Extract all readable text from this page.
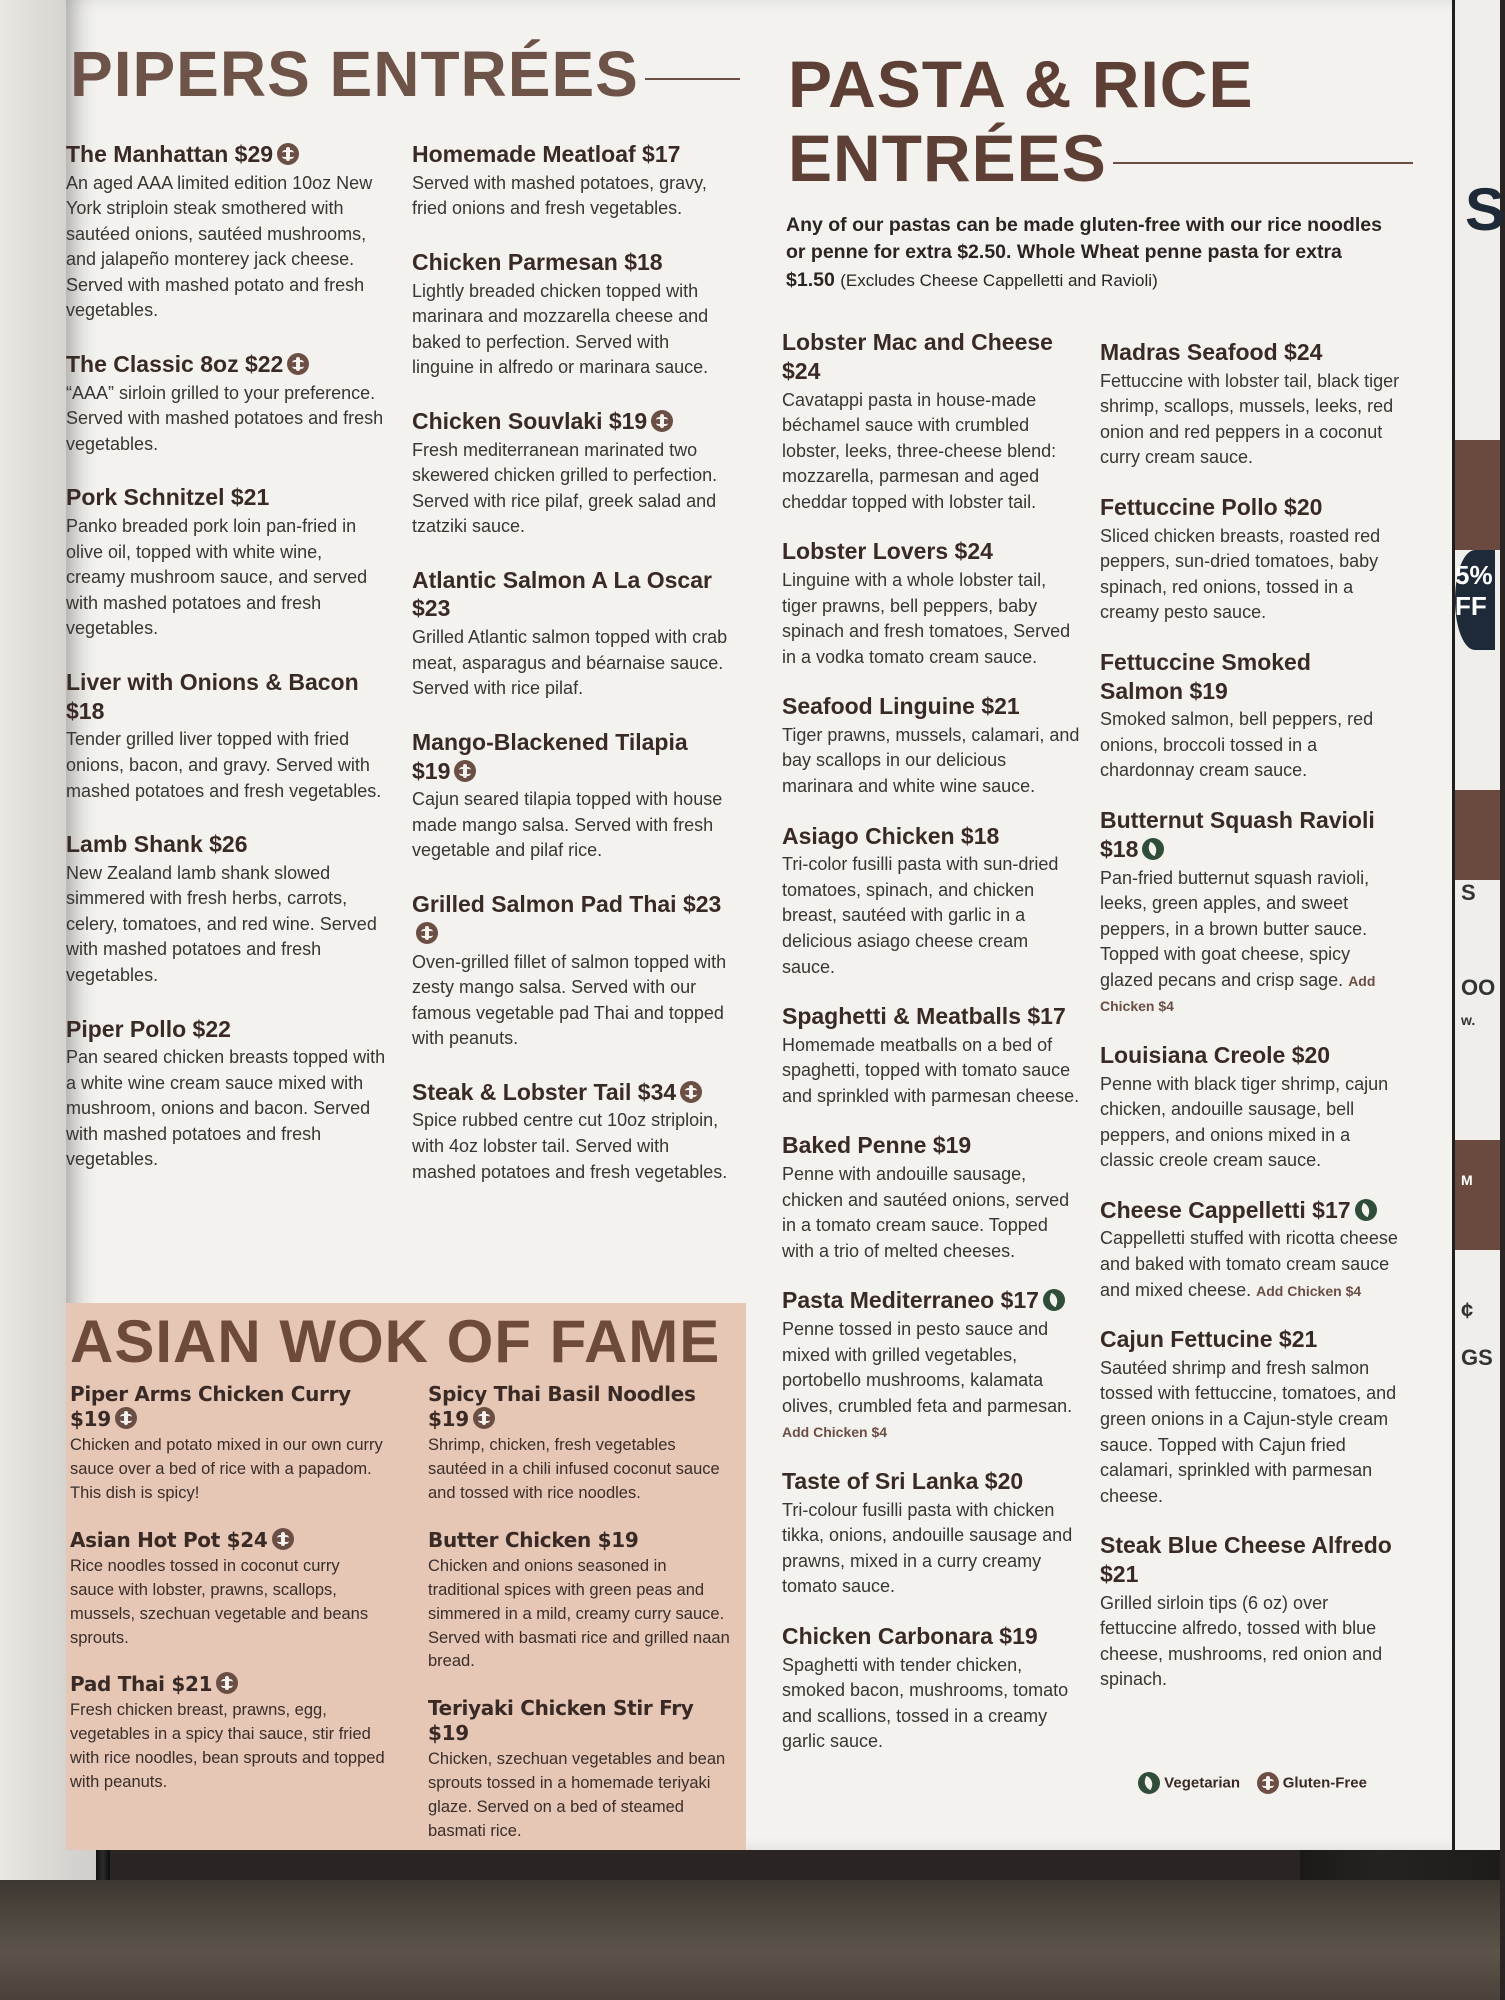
S
5%
FF
S
OO
w.
M
¢
GS
PIPERS ENTRÉES
The Manhattan $29

An aged AAA limited edition 10oz New York striploin steak smothered with sautéed onions, sautéed mushrooms, and jalapeño monterey jack cheese. Served with mashed potato and fresh vegetables.

The Classic 8oz $22

“AAA” sirloin grilled to your preference. Served with mashed potatoes and fresh vegetables.

Pork Schnitzel $21

Panko breaded pork loin pan-fried in olive oil, topped with white wine, creamy mushroom sauce, and served with mashed potatoes and fresh vegetables.

Liver with Onions & Bacon $18

Tender grilled liver topped with fried onions, bacon, and gravy. Served with mashed potatoes and fresh vegetables.

Lamb Shank $26

New Zealand lamb shank slowed simmered with fresh herbs, carrots, celery, tomatoes, and red wine. Served with mashed potatoes and fresh vegetables.

Piper Pollo $22

Pan seared chicken breasts topped with a white wine cream sauce mixed with mushroom, onions and bacon. Served with mashed potatoes and fresh vegetables.

Homemade Meatloaf $17

Served with mashed potatoes, gravy, fried onions and fresh vegetables.

Chicken Parmesan $18

Lightly breaded chicken topped with marinara and mozzarella cheese and baked to perfection. Served with linguine in alfredo or marinara sauce.

Chicken Souvlaki $19

Fresh mediterranean marinated two skewered chicken grilled to perfection. Served with rice pilaf, greek salad and tzatziki sauce.

Atlantic Salmon A La Oscar $23

Grilled Atlantic salmon topped with crab meat, asparagus and béarnaise sauce. Served with rice pilaf.

Mango-Blackened Tilapia $19

Cajun seared tilapia topped with house made mango salsa. Served with fresh vegetable and pilaf rice.

Grilled Salmon Pad Thai $23

Oven-grilled fillet of salmon topped with zesty mango salsa. Served with our famous vegetable pad Thai and topped with peanuts.

Steak & Lobster Tail $34

Spice rubbed centre cut 10oz striploin, with 4oz lobster tail. Served with mashed potatoes and fresh vegetables.

ASIAN WOK OF FAME
Piper Arms Chicken Curry $19

Chicken and potato mixed in our own curry sauce over a bed of rice with a papadom. This dish is spicy!

Asian Hot Pot $24

Rice noodles tossed in coconut curry sauce with lobster, prawns, scallops, mussels, szechuan vegetable and beans sprouts.

Pad Thai $21

Fresh chicken breast, prawns, egg, vegetables in a spicy thai sauce, stir fried with rice noodles, bean sprouts and topped with peanuts.

Spicy Thai Basil Noodles $19

Shrimp, chicken, fresh vegetables sautéed in a chili infused coconut sauce and tossed with rice noodles.

Butter Chicken $19

Chicken and onions seasoned in traditional spices with green peas and simmered in a mild, creamy curry sauce. Served with basmati rice and grilled naan bread.

Teriyaki Chicken Stir Fry $19

Chicken, szechuan vegetables and bean sprouts tossed in a homemade teriyaki glaze. Served on a bed of steamed basmati rice.

PASTA & RICE
ENTRÉES
Any of our pastas can be made gluten-free with our rice noodles or penne for extra $2.50. Whole Wheat penne pasta for extra $1.50 (Excludes Cheese Cappelletti and Ravioli)
Lobster Mac and Cheese $24

Cavatappi pasta in house-made béchamel sauce with crumbled lobster, leeks, three-cheese blend: mozzarella, parmesan and aged cheddar topped with lobster tail.

Lobster Lovers $24

Linguine with a whole lobster tail, tiger prawns, bell peppers, baby spinach and fresh tomatoes, Served in a vodka tomato cream sauce.

Seafood Linguine $21

Tiger prawns, mussels, calamari, and bay scallops in our delicious marinara and white wine sauce.

Asiago Chicken $18

Tri-color fusilli pasta with sun-dried tomatoes, spinach, and chicken breast, sautéed with garlic in a delicious asiago cheese cream sauce.

Spaghetti & Meatballs $17

Homemade meatballs on a bed of spaghetti, topped with tomato sauce and sprinkled with parmesan cheese.

Baked Penne $19

Penne with andouille sausage, chicken and sautéed onions, served in a tomato cream sauce. Topped with a trio of melted cheeses.

Pasta Mediterraneo $17

Penne tossed in pesto sauce and mixed with grilled vegetables, portobello mushrooms, kalamata olives, crumbled feta and parmesan. Add Chicken $4

Taste of Sri Lanka $20

Tri-colour fusilli pasta with chicken tikka, onions, andouille sausage and prawns, mixed in a curry creamy tomato sauce.

Chicken Carbonara $19

Spaghetti with tender chicken, smoked bacon, mushrooms, tomato and scallions, tossed in a creamy garlic sauce.

Madras Seafood $24

Fettuccine with lobster tail, black tiger shrimp, scallops, mussels, leeks, red onion and red peppers in a coconut curry cream sauce.

Fettuccine Pollo $20

Sliced chicken breasts, roasted red peppers, sun-dried tomatoes, baby spinach, red onions, tossed in a creamy pesto sauce.

Fettuccine Smoked Salmon $19

Smoked salmon, bell peppers, red onions, broccoli tossed in a chardonnay cream sauce.

Butternut Squash Ravioli $18

Pan-fried butternut squash ravioli, leeks, green apples, and sweet peppers, in a brown butter sauce. Topped with goat cheese, spicy glazed pecans and crisp sage. Add Chicken $4

Louisiana Creole $20

Penne with black tiger shrimp, cajun chicken, andouille sausage, bell peppers, and onions mixed in a classic creole cream sauce.

Cheese Cappelletti $17

Cappelletti stuffed with ricotta cheese and baked with tomato cream sauce and mixed cheese. Add Chicken $4

Cajun Fettucine $21

Sautéed shrimp and fresh salmon tossed with fettuccine, tomatoes, and green onions in a Cajun-style cream sauce. Topped with Cajun fried calamari, sprinkled with parmesan cheese.

Steak Blue Cheese Alfredo $21

Grilled sirloin tips (6 oz) over fettuccine alfredo, tossed with blue cheese, mushrooms, red onion and spinach.

Vegetarian	Gluten-Free
